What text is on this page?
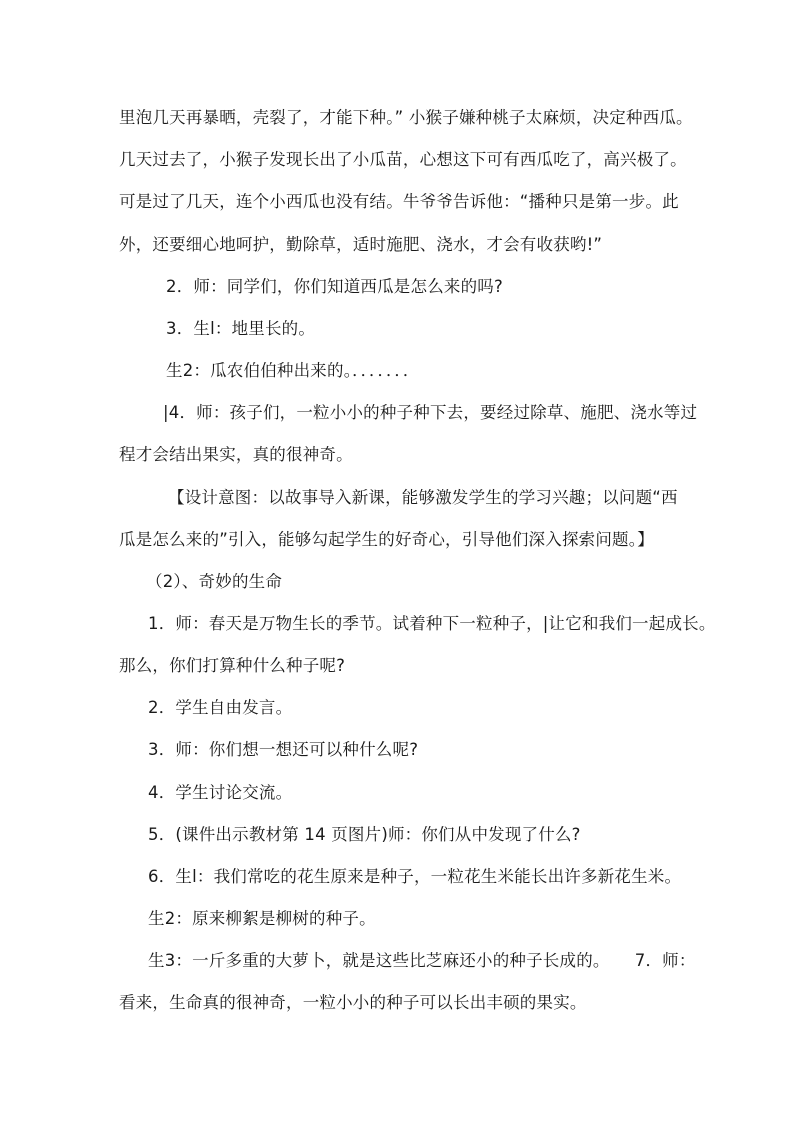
里泡几天再暴晒，壳裂了，才能下种。” 小猴子嫌种桃子太麻烦，决定种西瓜。
几天过去了，小猴子发现长出了小瓜苗，心想这下可有西瓜吃了，高兴极了。
可是过了几天，连个小西瓜也没有结。牛爷爷告诉他：“播种只是第一步。此
外，还要细心地呵护，勤除草，适时施肥、浇水，才会有收获哟!”
2．师：同学们，你们知道西瓜是怎么来的吗?
3．生l：地里长的。
生2：瓜农伯伯种出来的。．．．．．．．
|4．师：孩子们，一粒小小的种子种下去，要经过除草、施肥、浇水等过
程才会结出果实，真的很神奇。
【设计意图：以故事导入新课，能够激发学生的学习兴趣；以问题“西
瓜是怎么来的”引入，能够勾起学生的好奇心，引导他们深入探索问题。】
（2）、奇妙的生命
1．师：春天是万物生长的季节。试着种下一粒种子，|让它和我们一起成长。
那么，你们打算种什么种子呢?
2．学生自由发言。
3．师：你们想一想还可以种什么呢?
4．学生讨论交流。
5．(课件出示教材第 14 页图片)师：你们从中发现了什么?
6．生l：我们常吃的花生原来是种子，一粒花生米能长出许多新花生米。
生2：原来柳絮是柳树的种子。
生3：一斤多重的大萝卜，就是这些比芝麻还小的种子长成的。　　7．师：
看来，生命真的很神奇，一粒小小的种子可以长出丰硕的果实。
